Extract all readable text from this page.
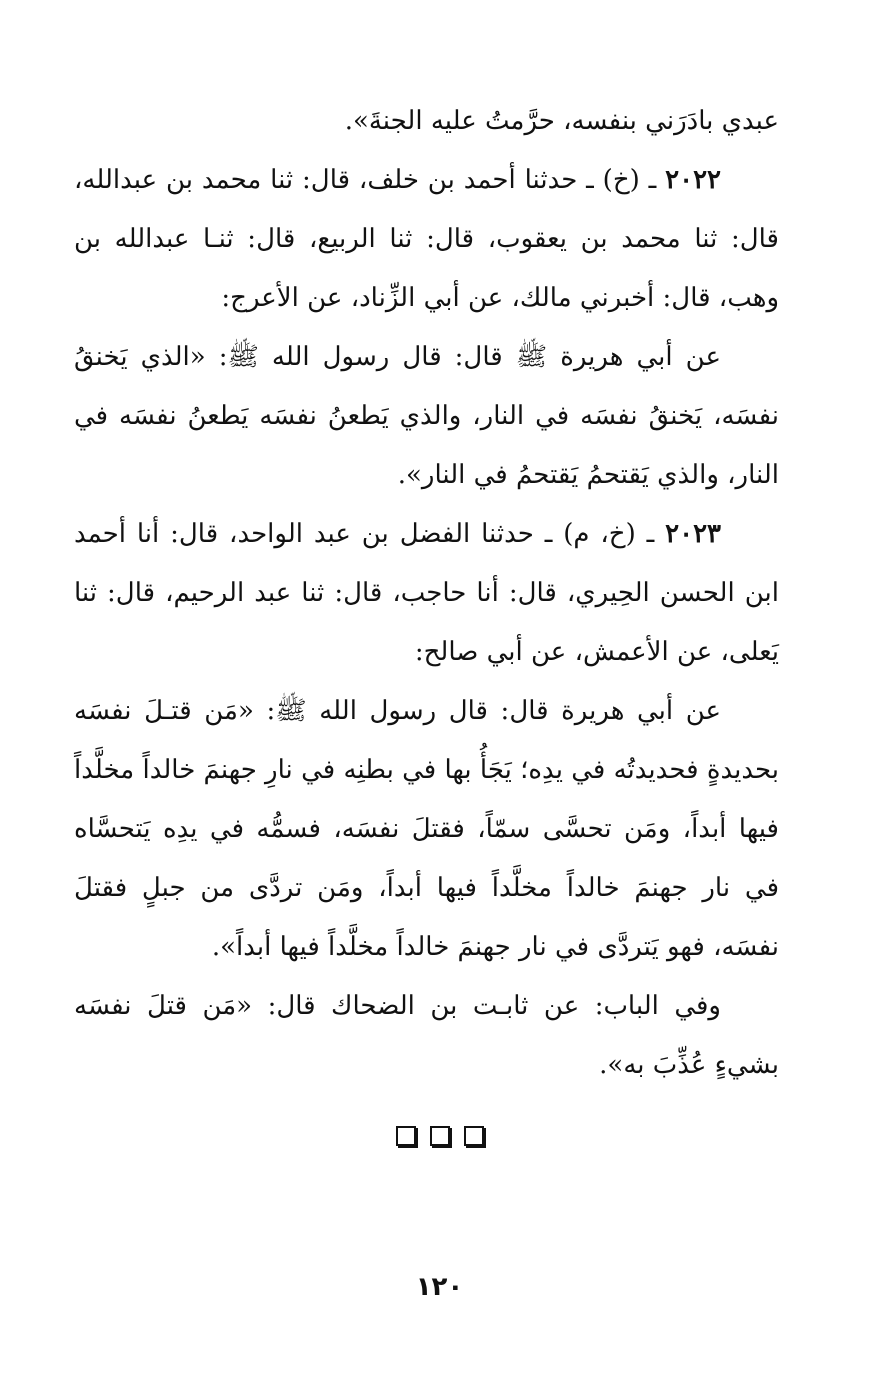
عبدي بادَرَني بنفسه، حرَّمتُ عليه الجنةَ».

٢٠٢٢ ـ (خ) ـ حدثنا أحمد بن خلف، قال: ثنا محمد بن عبدالله، قال: ثنا محمد بن يعقوب، قال: ثنا الربيع، قال: ثنـا عبدالله بن وهب، قال: أخبرني مالك، عن أبي الزِّناد، عن الأعرج:

عن أبي هريرة ﷺ قال: قال رسول الله ﷺ: «الذي يَخنقُ نفسَه، يَخنقُ نفسَه في النار، والذي يَطعنُ نفسَه يَطعنُ نفسَه في النار، والذي يَقتحمُ يَقتحمُ في النار».

٢٠٢٣ ـ (خ، م) ـ حدثنا الفضل بن عبد الواحد، قال: أنا أحمد ابن الحسن الحِيري، قال: أنا حاجب، قال: ثنا عبد الرحيم، قال: ثنا يَعلى، عن الأعمش، عن أبي صالح:

عن أبي هريرة قال: قال رسول الله ﷺ: «مَن قتـلَ نفسَه بحديدةٍ فحديدتُه في يدِه؛ يَجَأُ بها في بطنِه في نارِ جهنمَ خالداً مخلَّداً فيها أبداً، ومَن تحسَّى سمّاً، فقتلَ نفسَه، فسمُّه في يدِه يَتحسَّاه في نار جهنمَ خالداً مخلَّداً فيها أبداً، ومَن تردَّى من جبلٍ فقتلَ نفسَه، فهو يَتردَّى في نار جهنمَ خالداً مخلَّداً فيها أبداً».

وفي الباب: عن ثابـت بن الضحاك قال: «مَن قتلَ نفسَه بشيءٍ عُذِّبَ به».

١٢٠
